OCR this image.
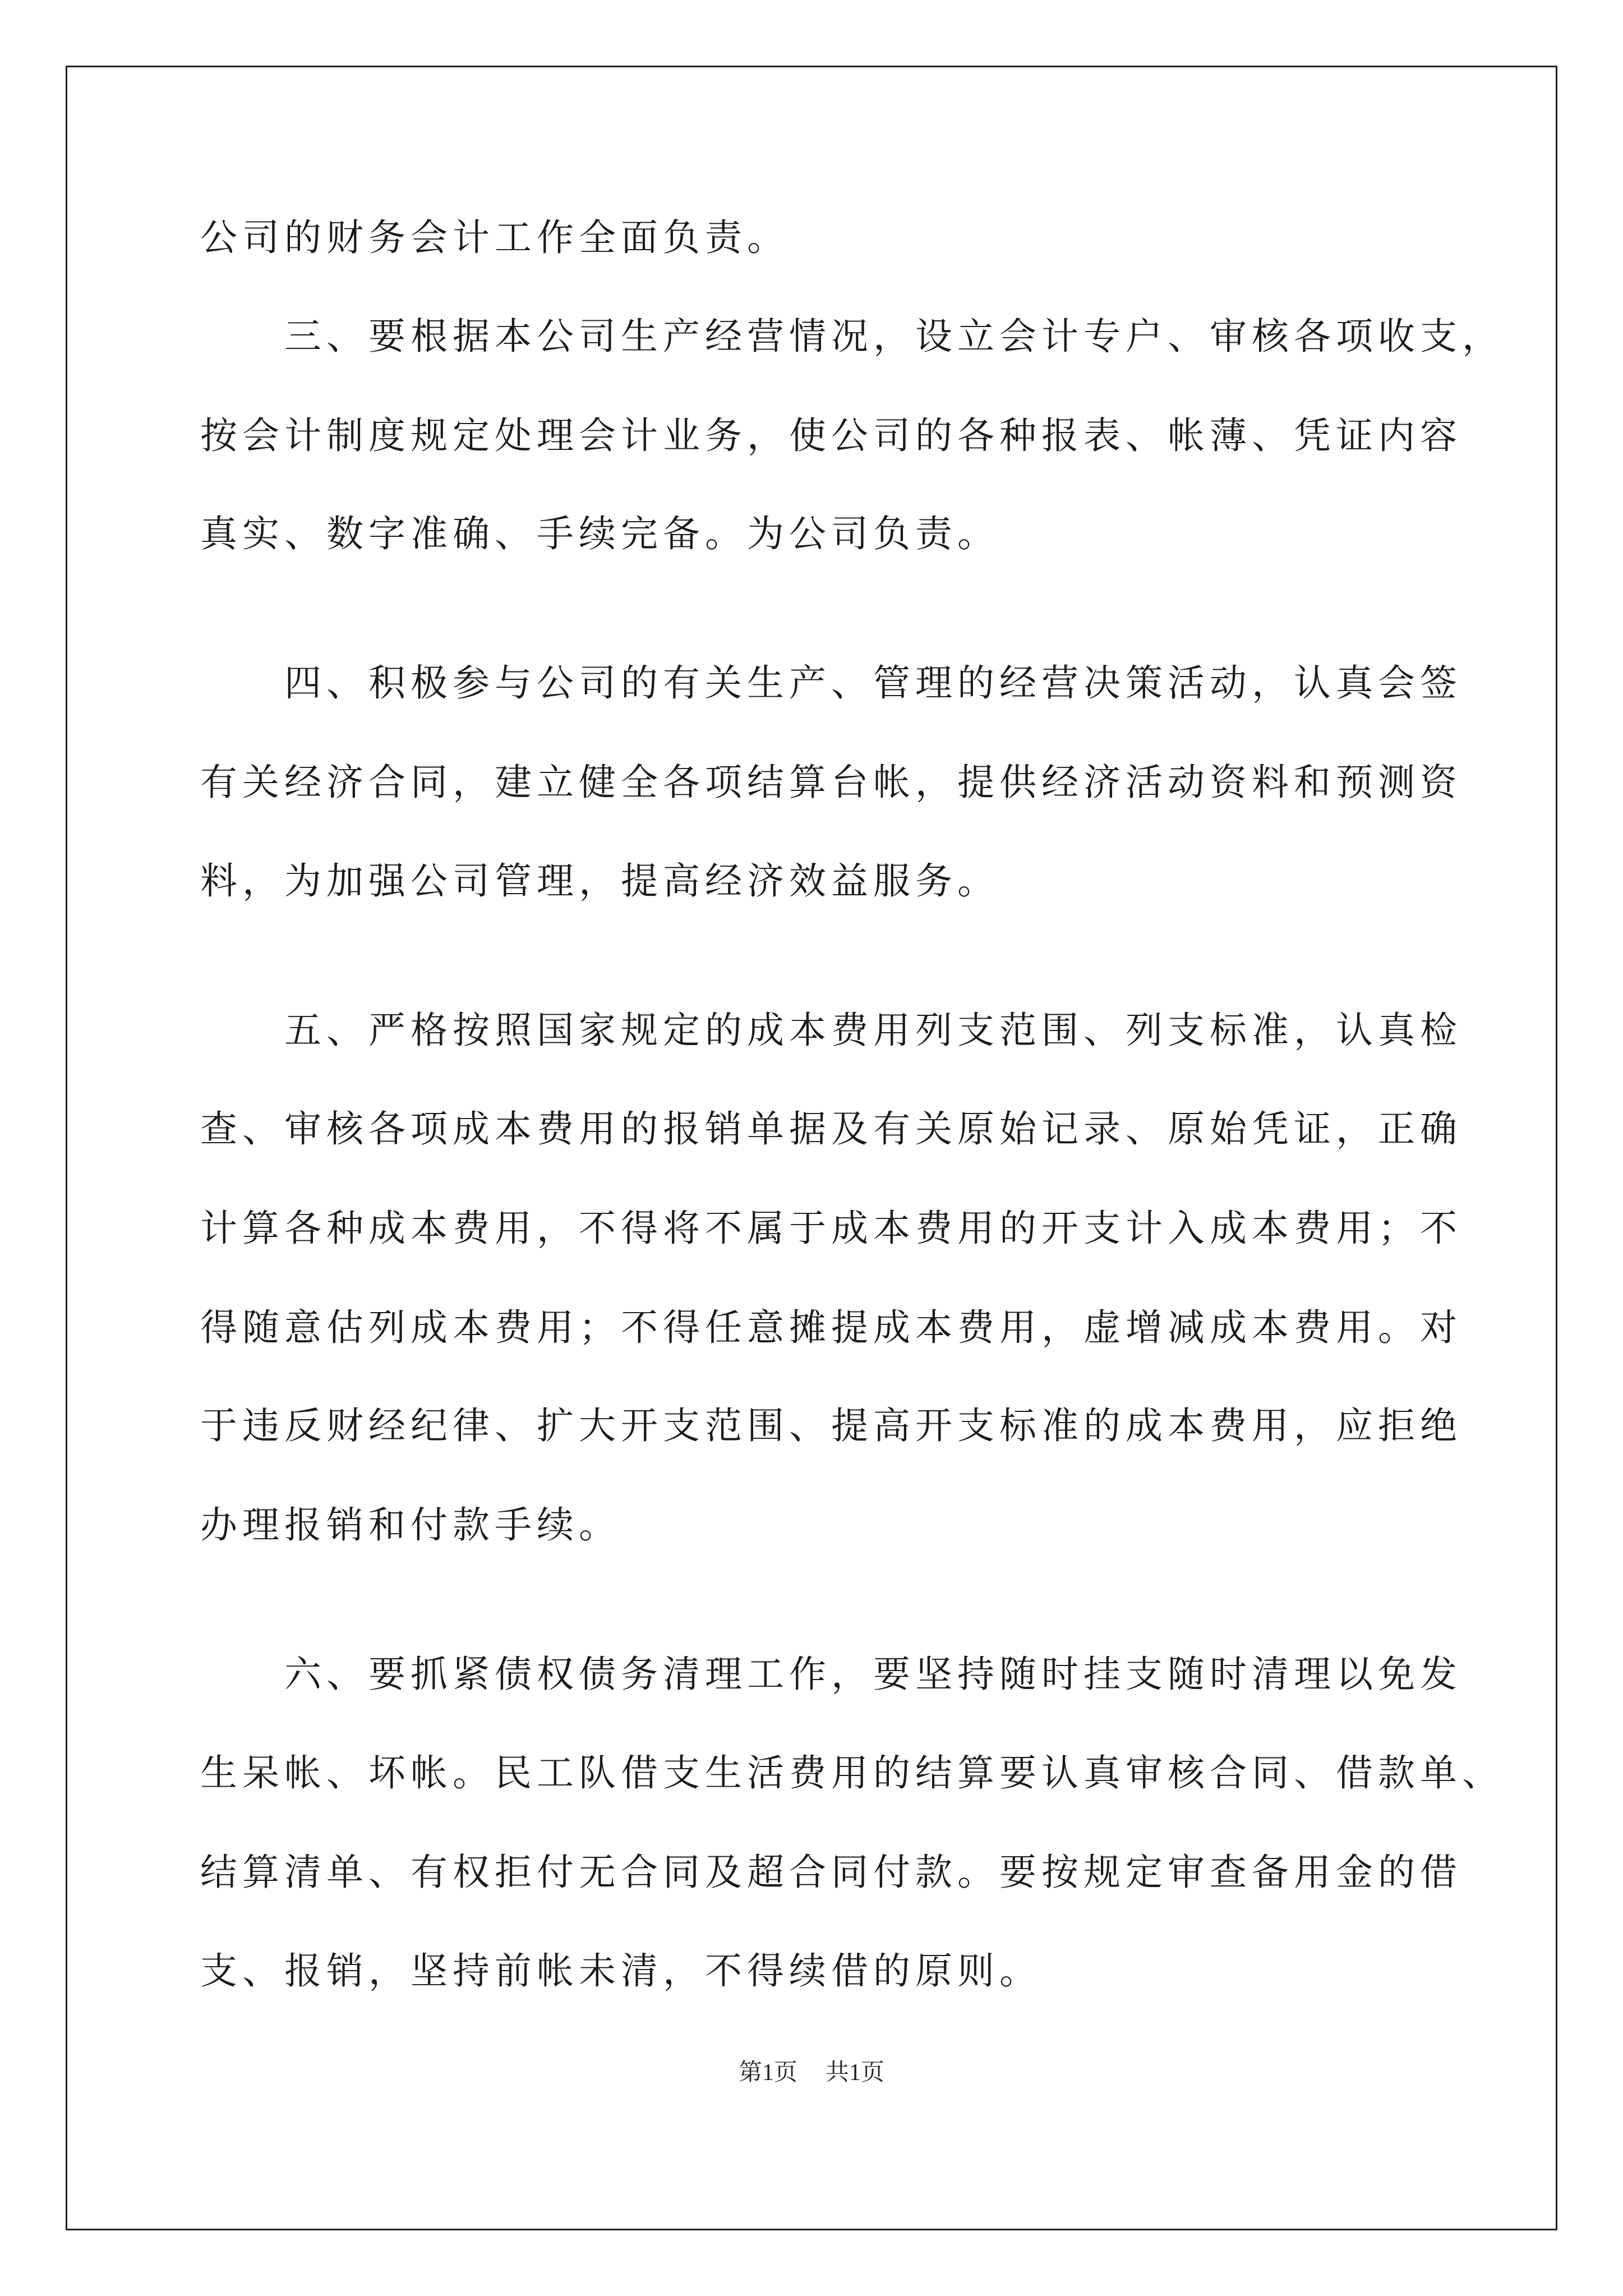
公司的财务会计工作全面负责。
三、要根据本公司生产经营情况，设立会计专户、审核各项收支，
按会计制度规定处理会计业务，使公司的各种报表、帐薄、凭证内容
真实、数字准确、手续完备。为公司负责。
四、积极参与公司的有关生产、管理的经营决策活动，认真会签
有关经济合同，建立健全各项结算台帐，提供经济活动资料和预测资
料，为加强公司管理，提高经济效益服务。
五、严格按照国家规定的成本费用列支范围、列支标准，认真检
查、审核各项成本费用的报销单据及有关原始记录、原始凭证，正确
计算各种成本费用，不得将不属于成本费用的开支计入成本费用；不
得随意估列成本费用；不得任意摊提成本费用，虚增减成本费用。对
于违反财经纪律、扩大开支范围、提高开支标准的成本费用，应拒绝
办理报销和付款手续。
六、要抓紧债权债务清理工作，要坚持随时挂支随时清理以免发
生呆帐、坏帐。民工队借支生活费用的结算要认真审核合同、借款单、
结算清单、有权拒付无合同及超合同付款。要按规定审查备用金的借
支、报销，坚持前帐未清，不得续借的原则。
第1页 共1页
